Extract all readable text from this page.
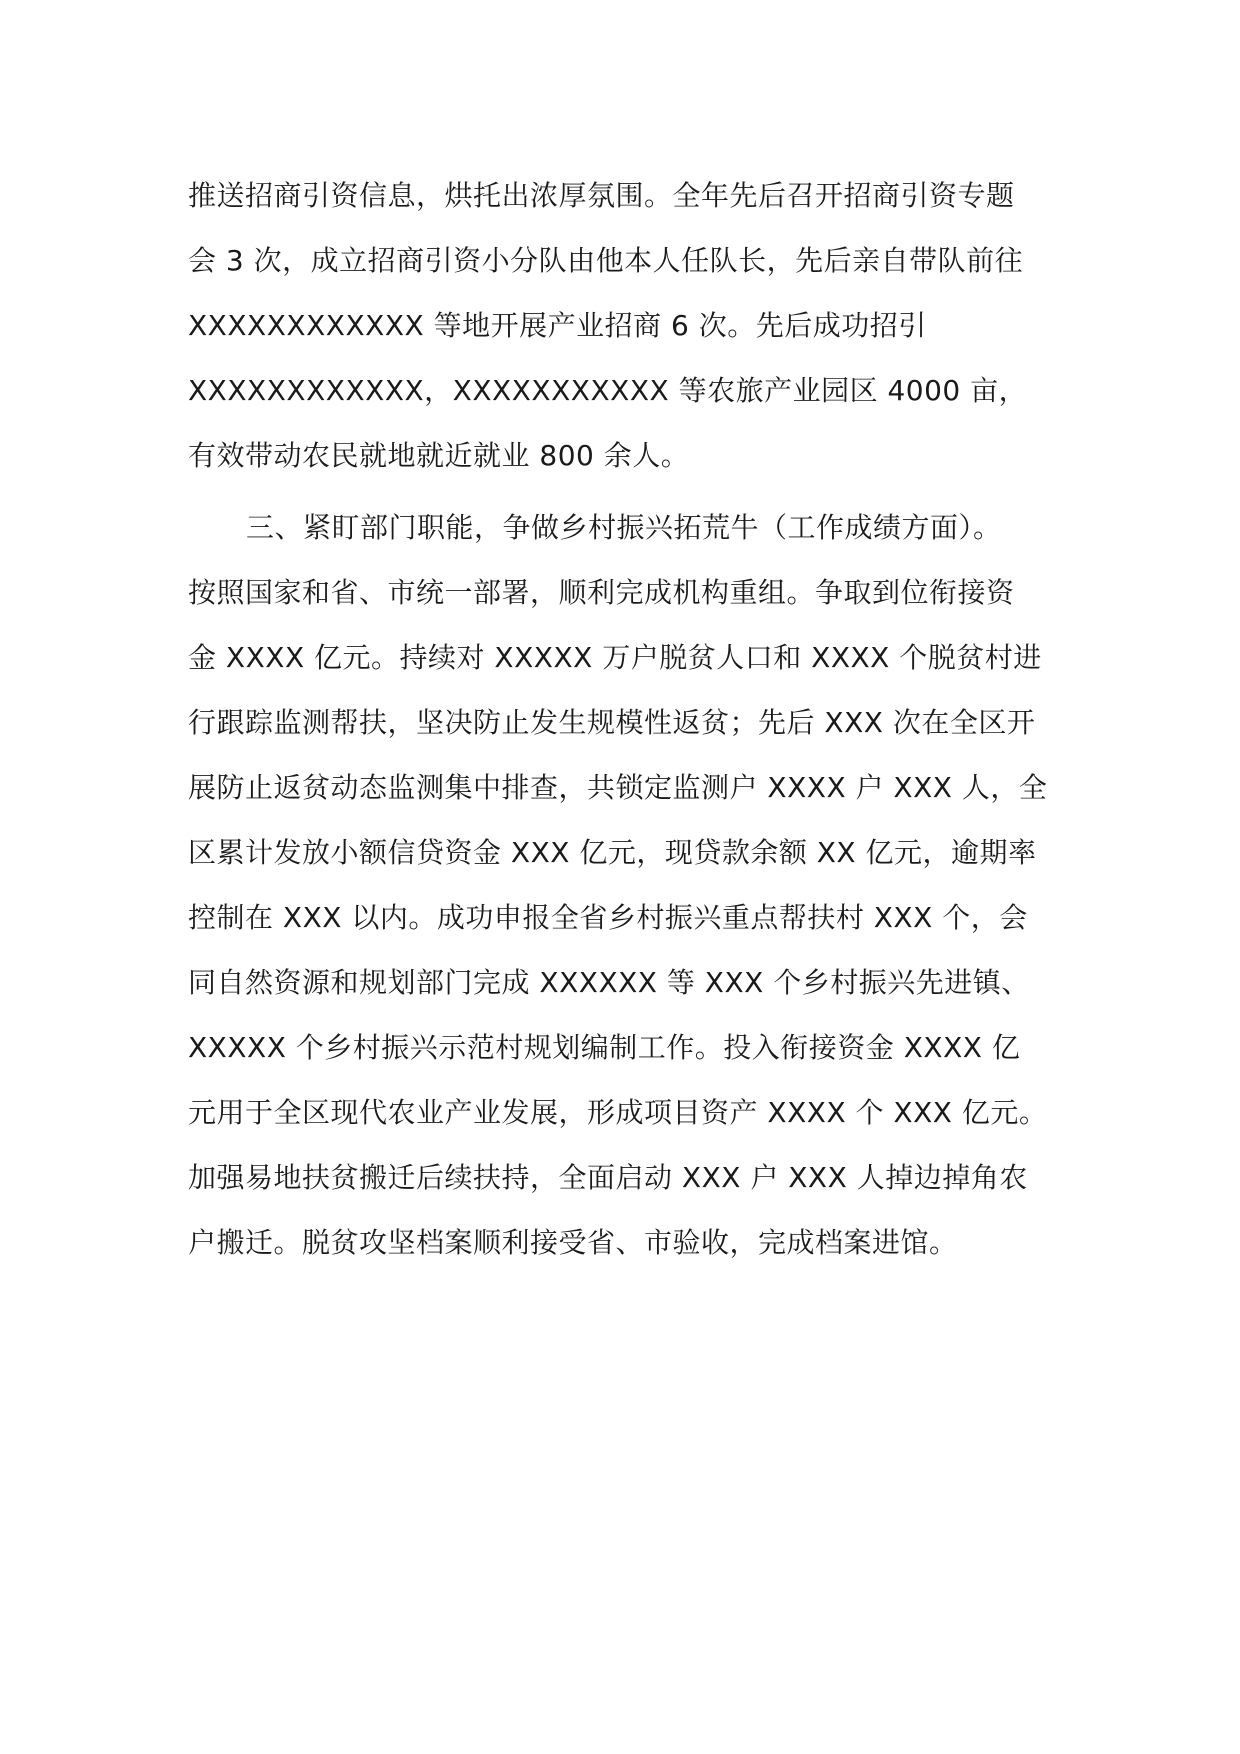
推送招商引资信息，烘托出浓厚氛围。全年先后召开招商引资专题
会 3 次，成立招商引资小分队由他本人任队长，先后亲自带队前往
XXXXXXXXXXXX 等地开展产业招商 6 次。先后成功招引
XXXXXXXXXXXX，XXXXXXXXXXX 等农旅产业园区 4000 亩，
有效带动农民就地就近就业 800 余人。
三、紧盯部门职能，争做乡村振兴拓荒牛（工作成绩方面）。
按照国家和省、市统一部署，顺利完成机构重组。争取到位衔接资
金 XXXX 亿元。持续对 XXXXX 万户脱贫人口和 XXXX 个脱贫村进
行跟踪监测帮扶，坚决防止发生规模性返贫；先后 XXX 次在全区开
展防止返贫动态监测集中排查，共锁定监测户 XXXX 户 XXX 人，全
区累计发放小额信贷资金 XXX 亿元，现贷款余额 XX 亿元，逾期率
控制在 XXX 以内。成功申报全省乡村振兴重点帮扶村 XXX 个，会
同自然资源和规划部门完成 XXXXXX 等 XXX 个乡村振兴先进镇、
XXXXX 个乡村振兴示范村规划编制工作。投入衔接资金 XXXX 亿
元用于全区现代农业产业发展，形成项目资产 XXXX 个 XXX 亿元。
加强易地扶贫搬迁后续扶持，全面启动 XXX 户 XXX 人掉边掉角农
户搬迁。脱贫攻坚档案顺利接受省、市验收，完成档案进馆。
